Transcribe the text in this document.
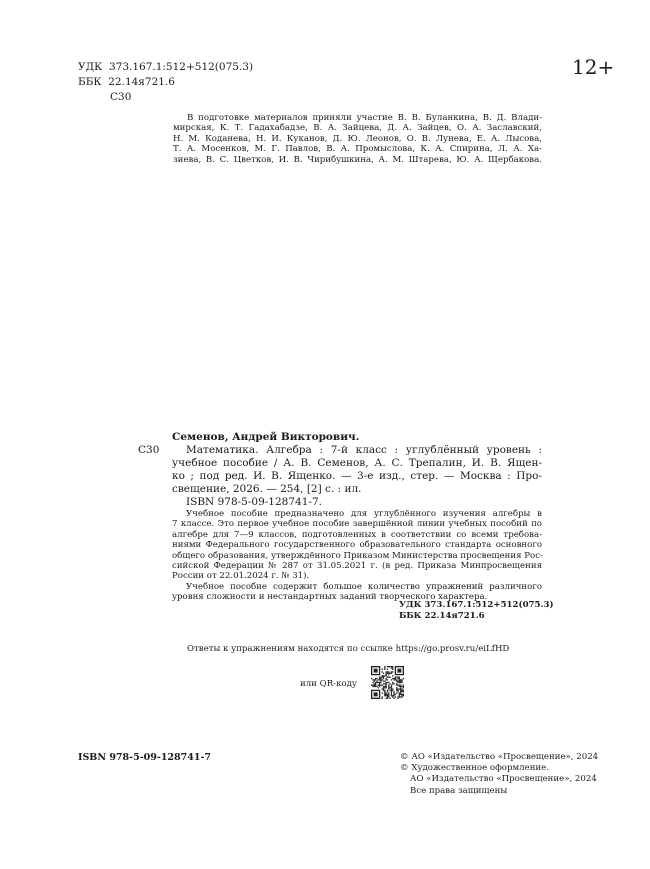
УДК 373.167.1:512+512(075.3)
ББК 22.14я721.6
С30
12+
В подготовке материалов приняли участие В. В. Буланкина, В. Д. Влади-
мирская, К. Т. Гадахабадзе, В. А. Зайцева, Д. А. Зайцев, О. А. Заславский,
Н. М. Коданева, Н. И. Куканов, Д. Ю. Леонов, О. В. Лунева, Е. А. Лысова,
Т. А. Мосенков, М. Г. Павлов, В. А. Промыслова, К. А. Спирина, Л. А. Ха-
зиева, В. С. Цветков, И. В. Чирибушкина, А. М. Штарева, Ю. А. Щербакова.
Семенов, Андрей Викторович.
С30	Математика. Алгебра : 7-й класс : углублённый уровень :
учебное пособие / А. В. Семенов, А. С. Трепалин, И. В. Ящен-
ко ; под ред. И. В. Ященко. — 3-е изд., стер. — Москва : Про-
свещение, 2026. — 254, [2] с. : ил.
ISBN 978-5-09-128741-7.
Учебное пособие предназначено для углублённого изучения алгебры в
7 классе. Это первое учебное пособие завершённой линии учебных пособий по
алгебре для 7—9 классов, подготовленных в соответствии со всеми требова-
ниями Федерального государственного образовательного стандарта основного
общего образования, утверждённого Приказом Министерства просвещения Рос-
сийской Федерации № 287 от 31.05.2021 г. (в ред. Приказа Минпросвещения
России от 22.01.2024 г. № 31).
Учебное пособие содержит большое количество упражнений различного
уровня сложности и нестандартных заданий творческого характера.
УДК 373.167.1:512+512(075.3)
ББК 22.14я721.6
Ответы к упражнениям находятся по ссылке https://go.prosv.ru/eiLfHD
или QR-коду
ISBN 978-5-09-128741-7	© АО «Издательство «Просвещение», 2024
© Художественное оформление.
АО «Издательство «Просвещение», 2024
Все права защищены
